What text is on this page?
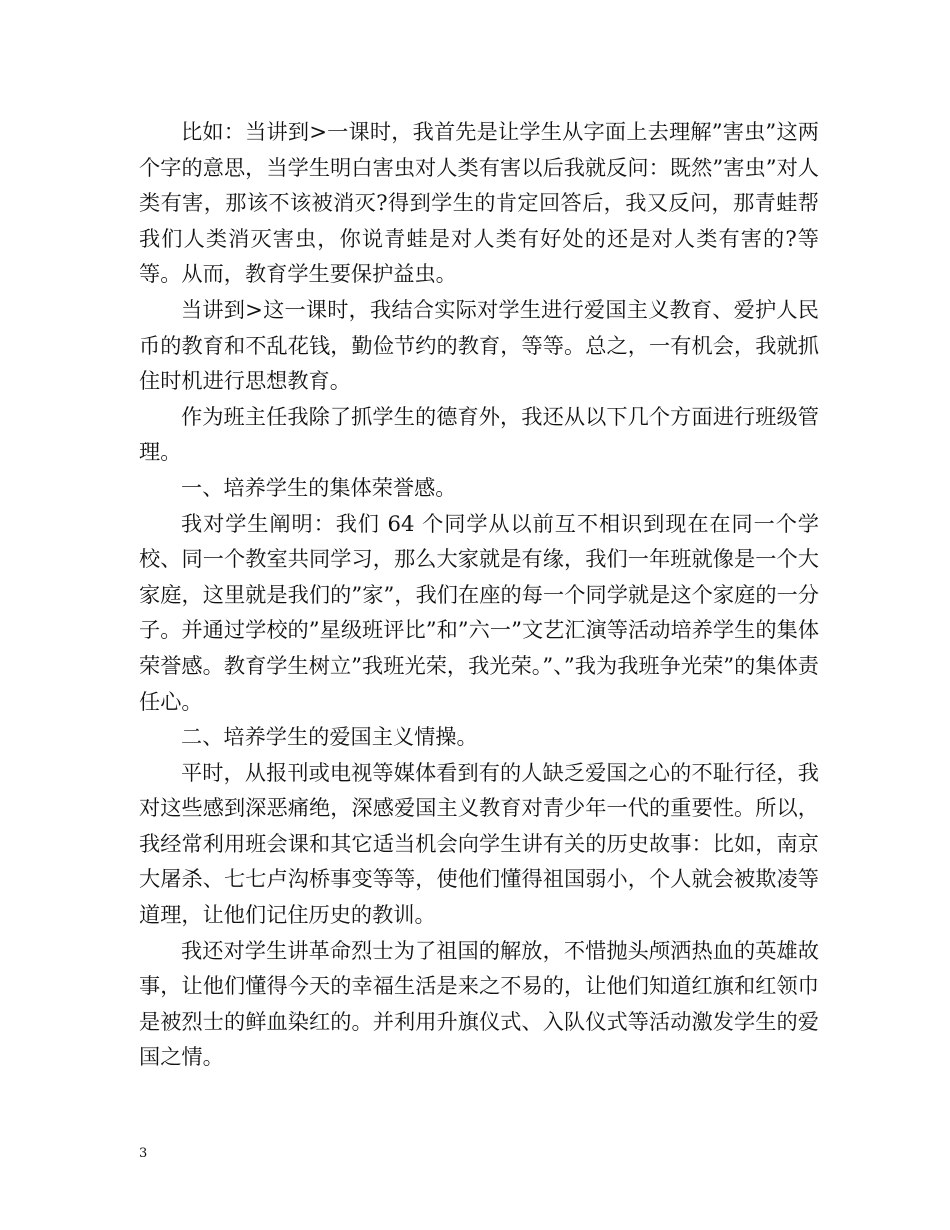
比如：当讲到>一课时，我首先是让学生从字面上去理解”害虫”这两个字的意思，当学生明白害虫对人类有害以后我就反问：既然”害虫”对人类有害，那该不该被消灭?得到学生的肯定回答后，我又反问，那青蛙帮我们人类消灭害虫，你说青蛙是对人类有好处的还是对人类有害的?等等。从而，教育学生要保护益虫。

当讲到>这一课时，我结合实际对学生进行爱国主义教育、爱护人民币的教育和不乱花钱，勤俭节约的教育，等等。总之，一有机会，我就抓住时机进行思想教育。

作为班主任我除了抓学生的德育外，我还从以下几个方面进行班级管理。

一、培养学生的集体荣誉感。

我对学生阐明：我们 64 个同学从以前互不相识到现在在同一个学校、同一个教室共同学习，那么大家就是有缘，我们一年班就像是一个大家庭，这里就是我们的”家”，我们在座的每一个同学就是这个家庭的一分子。并通过学校的”星级班评比”和”六一”文艺汇演等活动培养学生的集体荣誉感。教育学生树立”我班光荣，我光荣。”、”我为我班争光荣”的集体责任心。

二、培养学生的爱国主义情操。

平时，从报刊或电视等媒体看到有的人缺乏爱国之心的不耻行径，我对这些感到深恶痛绝，深感爱国主义教育对青少年一代的重要性。所以，我经常利用班会课和其它适当机会向学生讲有关的历史故事：比如，南京大屠杀、七七卢沟桥事变等等，使他们懂得祖国弱小，个人就会被欺凌等道理，让他们记住历史的教训。

我还对学生讲革命烈士为了祖国的解放，不惜抛头颅洒热血的英雄故事，让他们懂得今天的幸福生活是来之不易的，让他们知道红旗和红领巾是被烈士的鲜血染红的。并利用升旗仪式、入队仪式等活动激发学生的爱国之情。

3
